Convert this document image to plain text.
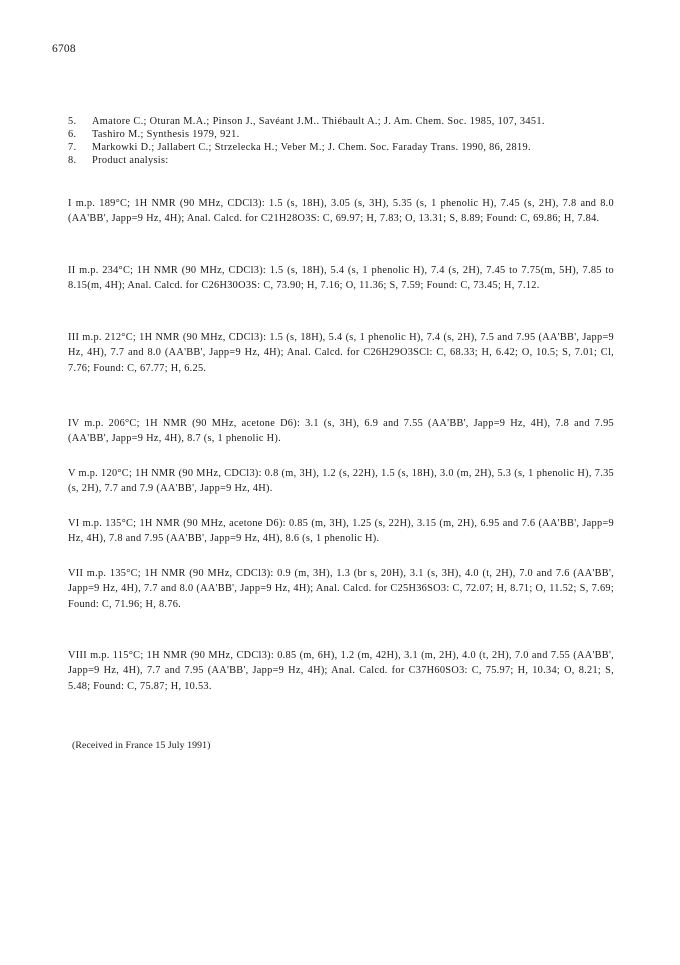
6708
5.	Amatore C.; Oturan M.A.; Pinson J., Savéant J.M.. Thiébault A.; J. Am. Chem. Soc. 1985, 107, 3451.
6.	Tashiro M.; Synthesis 1979, 921.
7.	Markowki D.; Jallabert C.; Strzelecka H.; Veber M.; J. Chem. Soc. Faraday Trans. 1990, 86, 2819.
8.	Product analysis:

I m.p. 189°C; 1H NMR (90 MHz, CDCl3): 1.5 (s, 18H), 3.05 (s, 3H), 5.35 (s, 1 phenolic H), 7.45 (s, 2H), 7.8 and 8.0 (AA'BB', Japp=9 Hz, 4H); Anal. Calcd. for C21H28O3S: C, 69.97; H, 7.83; O, 13.31; S, 8.89; Found: C, 69.86; H, 7.84.

II m.p. 234°C; 1H NMR (90 MHz, CDCl3): 1.5 (s, 18H), 5.4 (s, 1 phenolic H), 7.4 (s, 2H), 7.45 to 7.75(m, 5H), 7.85 to 8.15(m, 4H); Anal. Calcd. for C26H30O3S: C, 73.90; H, 7.16; O, 11.36; S, 7.59; Found: C, 73.45; H, 7.12.

III m.p. 212°C; 1H NMR (90 MHz, CDCl3): 1.5 (s, 18H), 5.4 (s, 1 phenolic H), 7.4 (s, 2H), 7.5 and 7.95 (AA'BB', Japp=9 Hz, 4H), 7.7 and 8.0 (AA'BB', Japp=9 Hz, 4H); Anal. Calcd. for C26H29O3SCl: C, 68.33; H, 6.42; O, 10.5; S, 7.01; Cl, 7.76; Found: C, 67.77; H, 6.25.

IV m.p. 206°C; 1H NMR (90 MHz, acetone D6): 3.1 (s, 3H), 6.9 and 7.55 (AA'BB', Japp=9 Hz, 4H), 7.8 and 7.95 (AA'BB', Japp=9 Hz, 4H), 8.7 (s, 1 phenolic H).

V m.p. 120°C; 1H NMR (90 MHz, CDCl3): 0.8 (m, 3H), 1.2 (s, 22H), 1.5 (s, 18H), 3.0 (m, 2H), 5.3 (s, 1 phenolic H), 7.35 (s, 2H), 7.7 and 7.9 (AA'BB', Japp=9 Hz, 4H).

VI m.p. 135°C; 1H NMR (90 MHz, acetone D6): 0.85 (m, 3H), 1.25 (s, 22H), 3.15 (m, 2H), 6.95 and 7.6 (AA'BB', Japp=9 Hz, 4H), 7.8 and 7.95 (AA'BB', Japp=9 Hz, 4H), 8.6 (s, 1 phenolic H).

VII m.p. 135°C; 1H NMR (90 MHz, CDCl3): 0.9 (m, 3H), 1.3 (br s, 20H), 3.1 (s, 3H), 4.0 (t, 2H), 7.0 and 7.6 (AA'BB', Japp=9 Hz, 4H), 7.7 and 8.0 (AA'BB', Japp=9 Hz, 4H); Anal. Calcd. for C25H36SO3: C, 72.07; H, 8.71; O, 11.52; S, 7.69; Found: C, 71.96; H, 8.76.

VIII m.p. 115°C; 1H NMR (90 MHz, CDCl3): 0.85 (m, 6H), 1.2 (m, 42H), 3.1 (m, 2H), 4.0 (t, 2H), 7.0 and 7.55 (AA'BB', Japp=9 Hz, 4H), 7.7 and 7.95 (AA'BB', Japp=9 Hz, 4H); Anal. Calcd. for C37H60SO3: C, 75.97; H, 10.34; O, 8.21; S, 5.48; Found: C, 75.87; H, 10.53.

(Received in France 15 July 1991)
